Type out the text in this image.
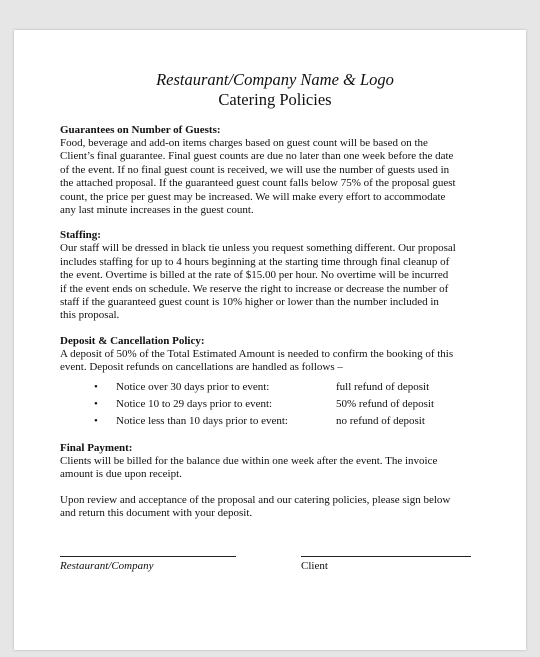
Restaurant/Company Name & Logo
Catering Policies
Guarantees on Number of Guests:
Food, beverage and add-on items charges based on guest count will be based on the
Client’s final guarantee. Final guest counts are due no later than one week before the date
of the event. If no final guest count is received, we will use the number of guests used in
the attached proposal. If the guaranteed guest count falls below 75% of the proposal guest
count, the price per guest may be increased. We will make every effort to accommodate
any last minute increases in the guest count.
Staffing:
Our staff will be dressed in black tie unless you request something different. Our proposal
includes staffing for up to 4 hours beginning at the starting time through final cleanup of
the event. Overtime is billed at the rate of $15.00 per hour. No overtime will be incurred
if the event ends on schedule. We reserve the right to increase or decrease the number of
staff if the guaranteed guest count is 10% higher or lower than the number included in
this proposal.
Deposit & Cancellation Policy:
A deposit of 50% of the Total Estimated Amount is needed to confirm the booking of this
event. Deposit refunds on cancellations are handled as follows –
• Notice over 30 days prior to event:	full refund of deposit
• Notice 10 to 29 days prior to event:	50% refund of deposit
• Notice less than 10 days prior to event:	no refund of deposit
Final Payment:
Clients will be billed for the balance due within one week after the event. The invoice
amount is due upon receipt.
Upon review and acceptance of the proposal and our catering policies, please sign below
and return this document with your deposit.
Restaurant/Company	Client
